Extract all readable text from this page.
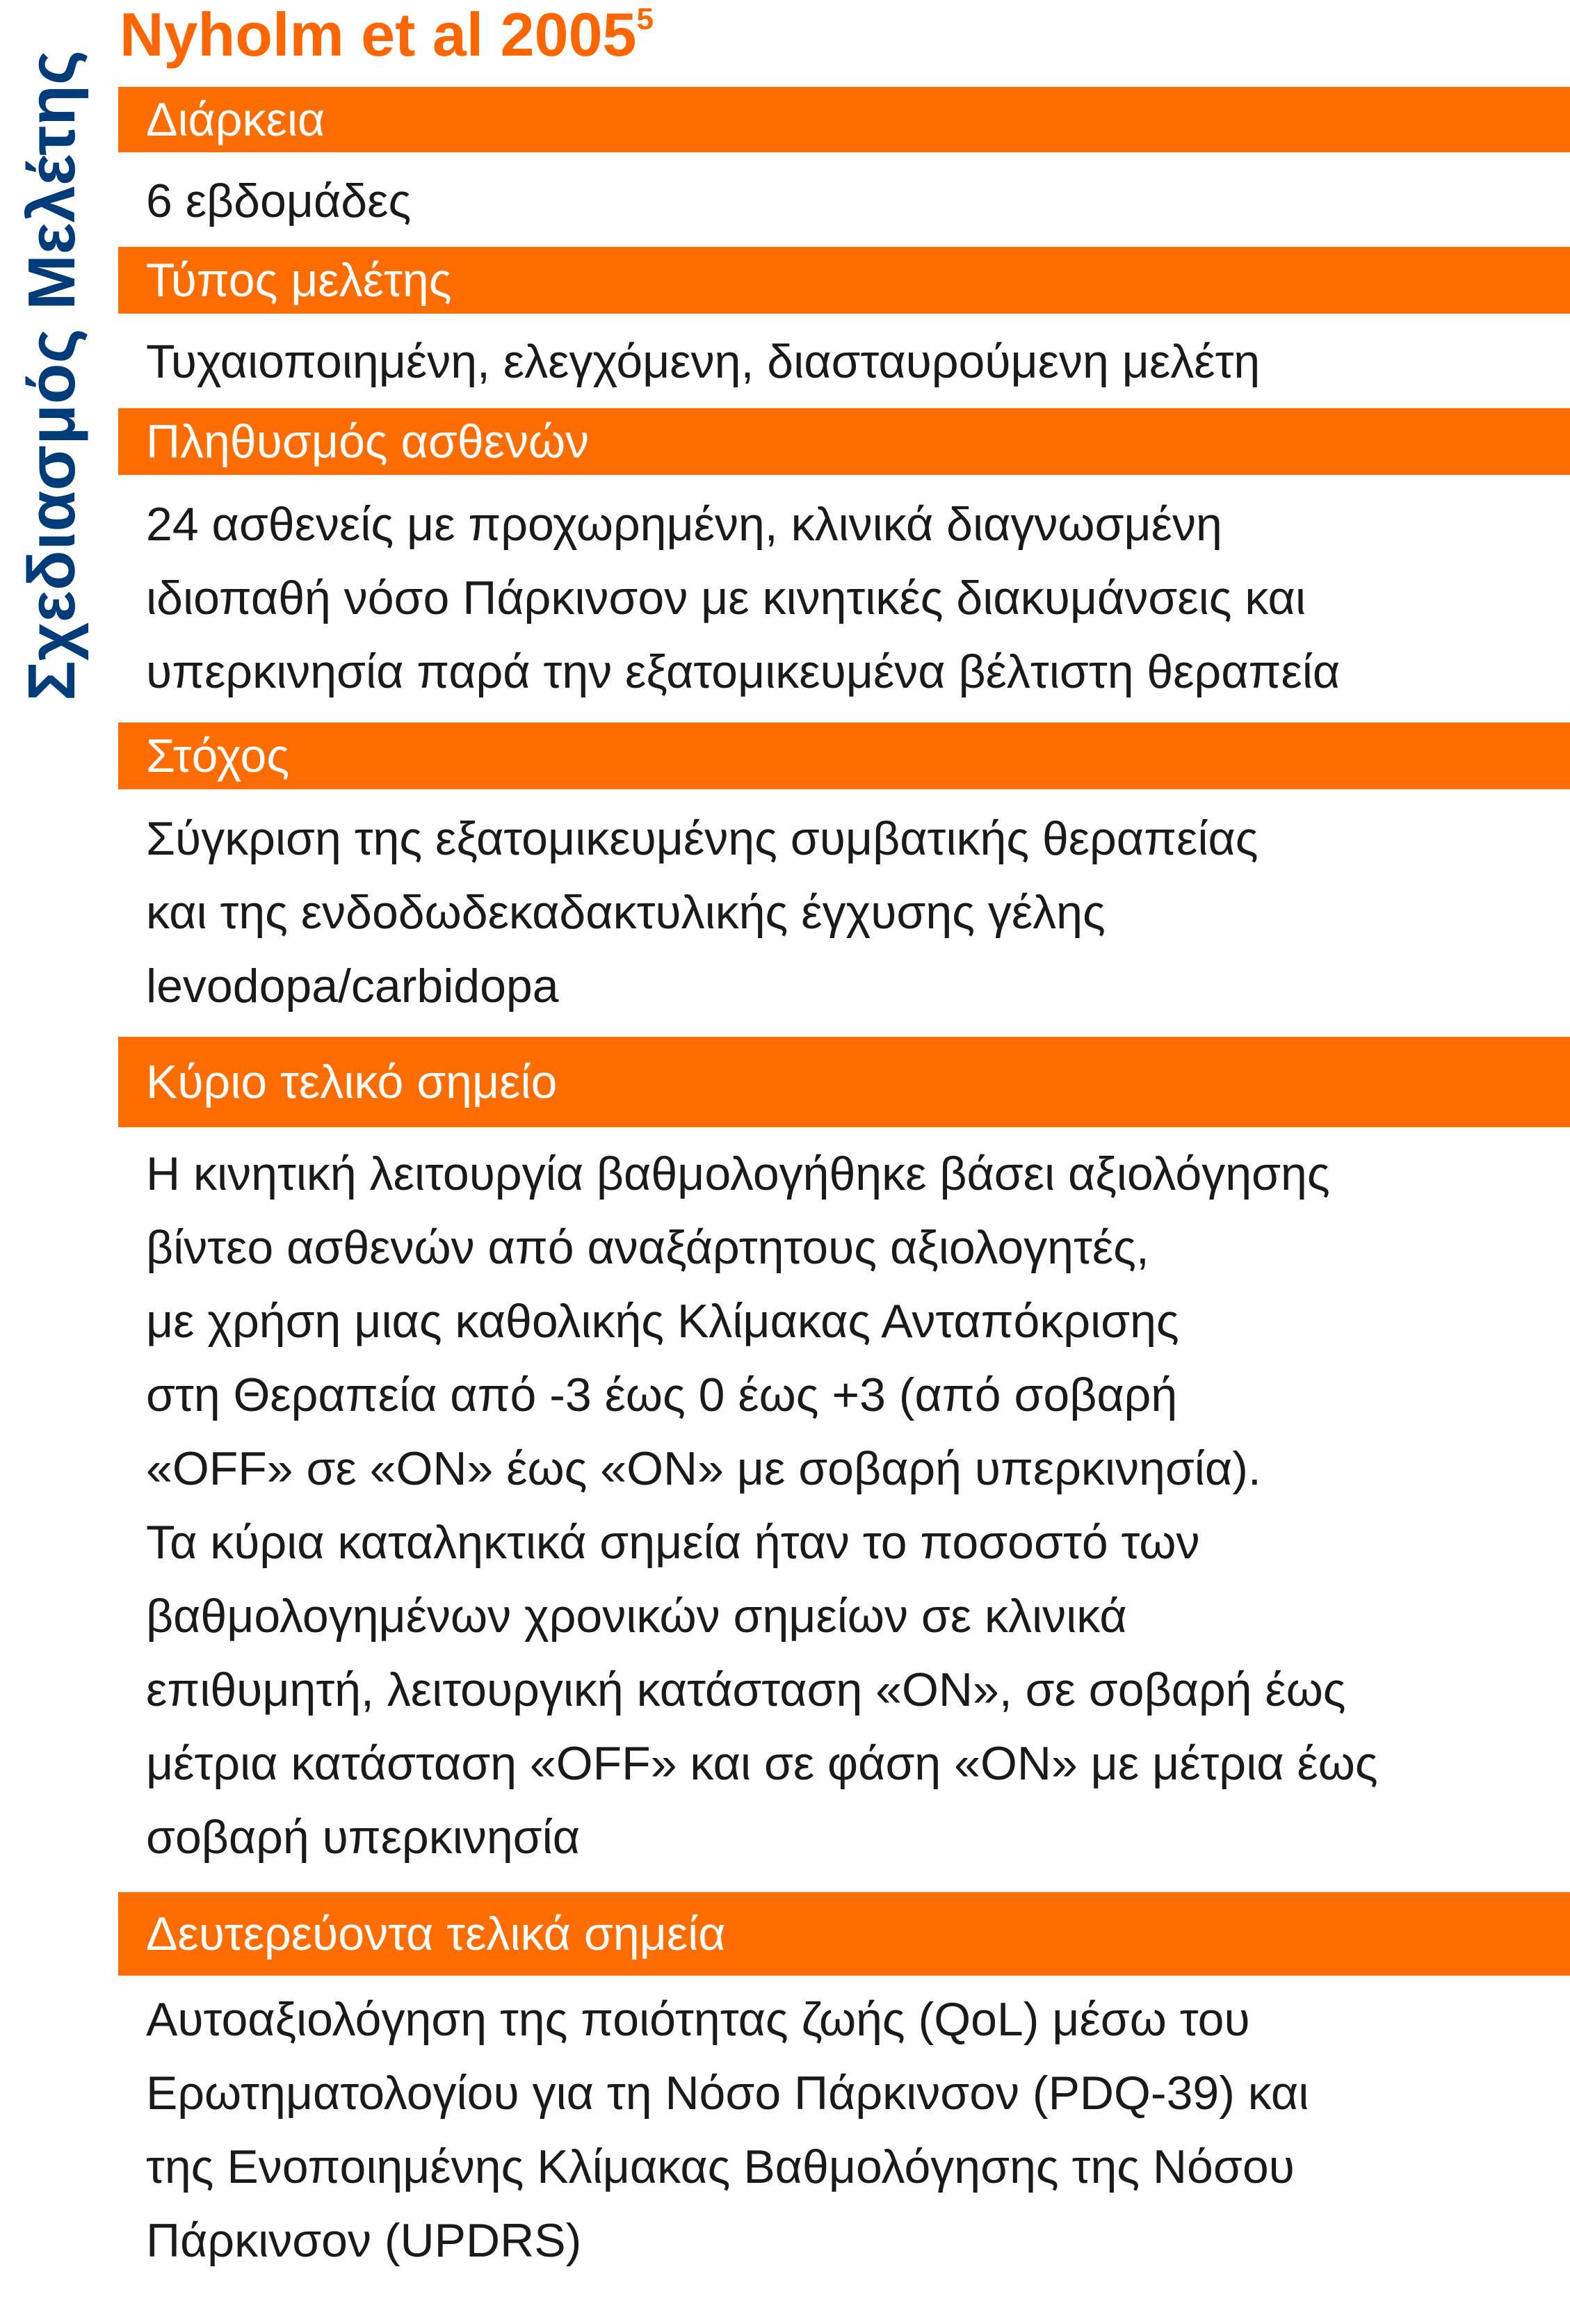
Σχεδιασμός Μελέτης
Nyholm et al 2005$^5$
Διάρκεια
6 εβδομάδες
Τύπος μελέτης
Τυχαιοποιημένη, ελεγχόμενη, διασταυρούμενη μελέτη
Πληθυσμός ασθενών
24 ασθενείς με προχωρημένη, κλινικά διαγνωσμένη
ιδιοπαθή νόσο Πάρκινσον με κινητικές διακυμάνσεις και
υπερκινησία παρά την εξατομικευμένα βέλτιστη θεραπεία
Στόχος
Σύγκριση της εξατομικευμένης συμβατικής θεραπείας
και της ενδοδωδεκαδακτυλικής έγχυσης γέλης
levodopa/carbidopa
Κύριο τελικό σημείο
Η κινητική λειτουργία βαθμολογήθηκε βάσει αξιολόγησης
βίντεο ασθενών από αναξάρτητους αξιολογητές,
με χρήση μιας καθολικής Κλίμακας Ανταπόκρισης
στη Θεραπεία από -3 έως 0 έως +3 (από σοβαρή
«OFF» σε «ON» έως «ON» με σοβαρή υπερκινησία).
Τα κύρια καταληκτικά σημεία ήταν το ποσοστό των
βαθμολογημένων χρονικών σημείων σε κλινικά
επιθυμητή, λειτουργική κατάσταση «ON», σε σοβαρή έως
μέτρια κατάσταση «OFF» και σε φάση «ON» με μέτρια έως
σοβαρή υπερκινησία
Δευτερεύοντα τελικά σημεία
Αυτοαξιολόγηση της ποιότητας ζωής (QoL) μέσω του
Ερωτηματολογίου για τη Νόσο Πάρκινσον (PDQ-39) και
της Ενοποιημένης Κλίμακας Βαθμολόγησης της Νόσου
Πάρκινσον (UPDRS)
